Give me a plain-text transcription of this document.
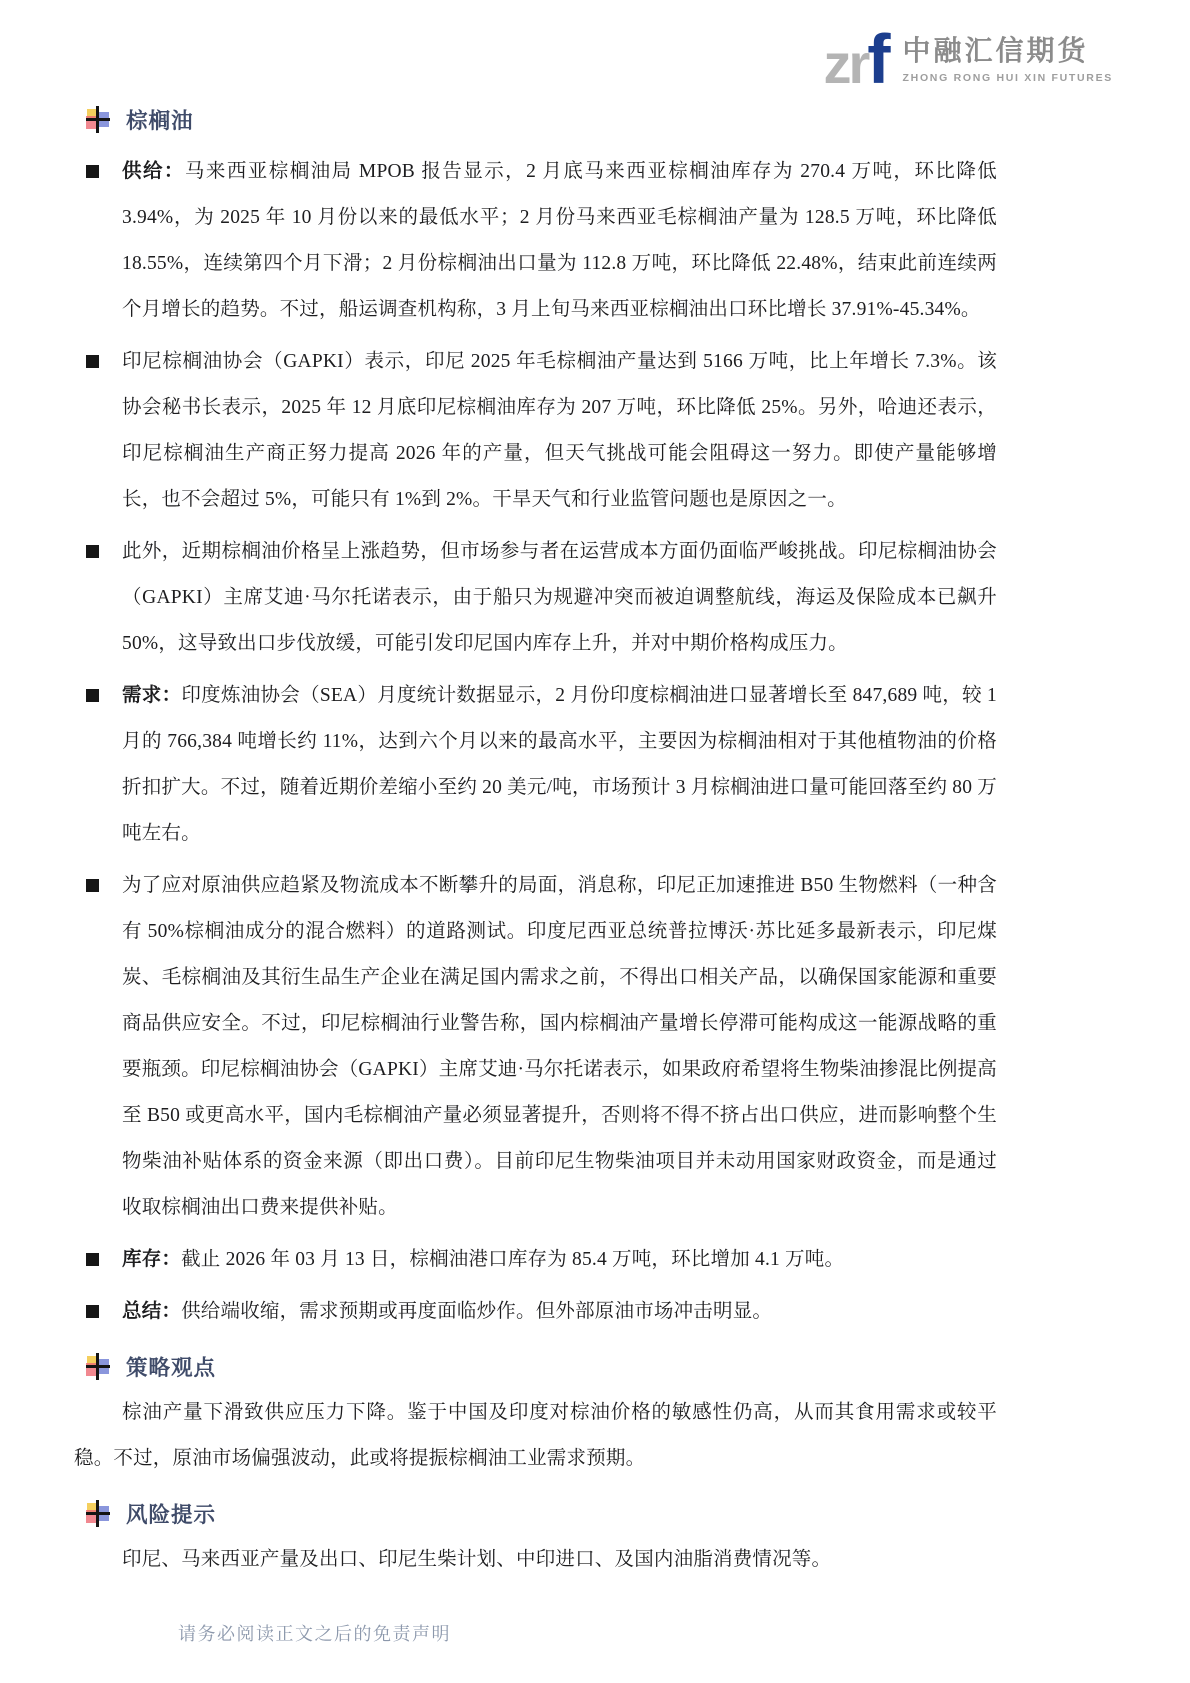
zrf 中融汇信期货
ZHONG RONG HUI XIN FUTURES
棕榈油
供给：马来西亚棕榈油局 MPOB 报告显示，2 月底马来西亚棕榈油库存为 270.4 万吨，环比降低 3.94%，为 2025 年 10 月份以来的最低水平；2 月份马来西亚毛棕榈油产量为 128.5 万吨，环比降低 18.55%，连续第四个月下滑；2 月份棕榈油出口量为 112.8 万吨，环比降低 22.48%，结束此前连续两个月增长的趋势。不过，船运调查机构称，3 月上旬马来西亚棕榈油出口环比增长 37.91%-45.34%。
印尼棕榈油协会（GAPKI）表示，印尼 2025 年毛棕榈油产量达到 5166 万吨，比上年增长 7.3%。该协会秘书长表示，2025 年 12 月底印尼棕榈油库存为 207 万吨，环比降低 25%。另外，哈迪还表示，印尼棕榈油生产商正努力提高 2026 年的产量，但天气挑战可能会阻碍这一努力。即使产量能够增长，也不会超过 5%，可能只有 1%到 2%。干旱天气和行业监管问题也是原因之一。
此外，近期棕榈油价格呈上涨趋势，但市场参与者在运营成本方面仍面临严峻挑战。印尼棕榈油协会（GAPKI）主席艾迪·马尔托诺表示，由于船只为规避冲突而被迫调整航线，海运及保险成本已飙升 50%，这导致出口步伐放缓，可能引发印尼国内库存上升，并对中期价格构成压力。
需求：印度炼油协会（SEA）月度统计数据显示，2 月份印度棕榈油进口显著增长至 847,689 吨，较 1 月的 766,384 吨增长约 11%，达到六个月以来的最高水平，主要因为棕榈油相对于其他植物油的价格折扣扩大。不过，随着近期价差缩小至约 20 美元/吨，市场预计 3 月棕榈油进口量可能回落至约 80 万吨左右。
为了应对原油供应趋紧及物流成本不断攀升的局面，消息称，印尼正加速推进 B50 生物燃料（一种含有 50%棕榈油成分的混合燃料）的道路测试。印度尼西亚总统普拉博沃·苏比延多最新表示，印尼煤炭、毛棕榈油及其衍生品生产企业在满足国内需求之前，不得出口相关产品，以确保国家能源和重要商品供应安全。不过，印尼棕榈油行业警告称，国内棕榈油产量增长停滞可能构成这一能源战略的重要瓶颈。印尼棕榈油协会（GAPKI）主席艾迪·马尔托诺表示，如果政府希望将生物柴油掺混比例提高至 B50 或更高水平，国内毛棕榈油产量必须显著提升，否则将不得不挤占出口供应，进而影响整个生物柴油补贴体系的资金来源（即出口费）。目前印尼生物柴油项目并未动用国家财政资金，而是通过收取棕榈油出口费来提供补贴。
库存：截止 2026 年 03 月 13 日，棕榈油港口库存为 85.4 万吨，环比增加 4.1 万吨。
总结：供给端收缩，需求预期或再度面临炒作。但外部原油市场冲击明显。
策略观点

棕油产量下滑致供应压力下降。鉴于中国及印度对棕油价格的敏感性仍高，从而其食用需求或较平稳。不过，原油市场偏强波动，此或将提振棕榈油工业需求预期。

风险提示

印尼、马来西亚产量及出口、印尼生柴计划、中印进口、及国内油脂消费情况等。

请务必阅读正文之后的免责声明
